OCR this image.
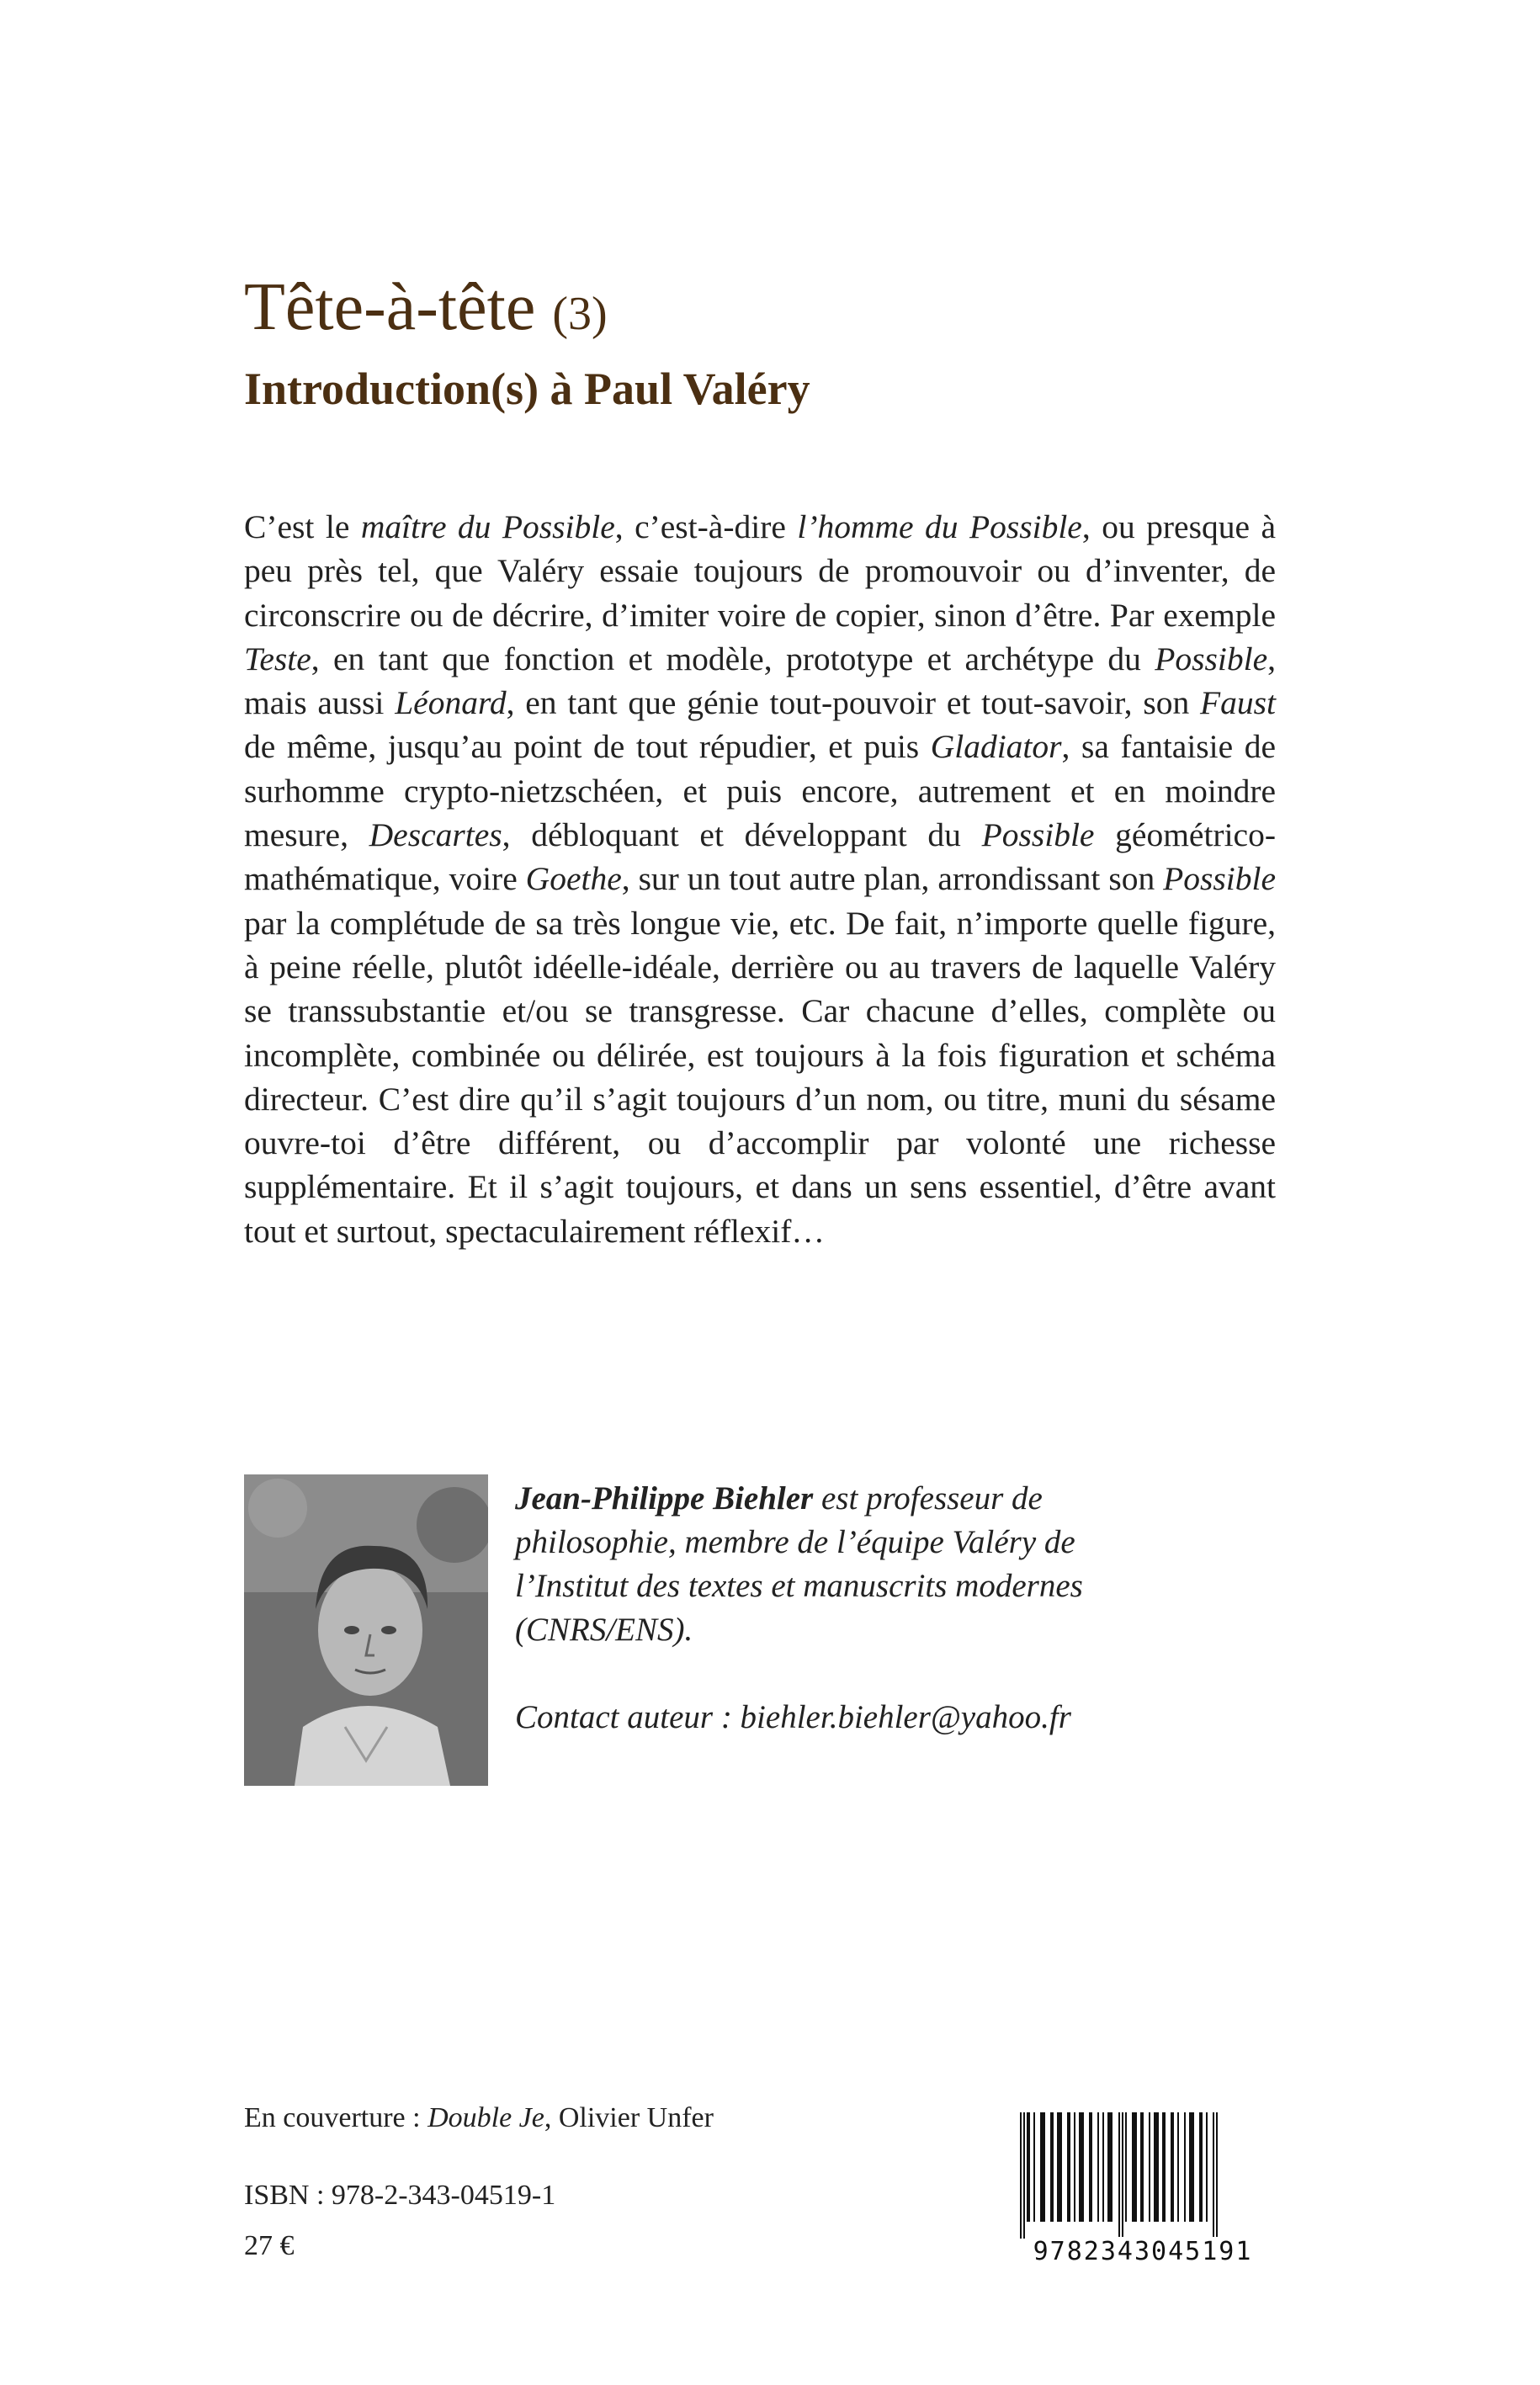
Tête-à-tête (3)
Introduction(s) à Paul Valéry

C’est le maître du Possible, c’est-à-dire l’homme du Possible, ou presque à peu près tel, que Valéry essaie toujours de promouvoir ou d’inventer, de circonscrire ou de décrire, d’imiter voire de copier, sinon d’être. Par exemple Teste, en tant que fonction et modèle, prototype et archétype du Possible, mais aussi Léonard, en tant que génie tout-pouvoir et tout-savoir, son Faust de même, jusqu’au point de tout répudier, et puis Gladiator, sa fantaisie de surhomme crypto-nietzschéen, et puis encore, autrement et en moindre mesure, Descartes, débloquant et développant du Possible géométrico-mathématique, voire Goethe, sur un tout autre plan, arrondissant son Possible par la complétude de sa très longue vie, etc. De fait, n’importe quelle figure, à peine réelle, plutôt idéelle-idéale, derrière ou au travers de laquelle Valéry se transsubstantie et/ou se transgresse. Car chacune d’elles, complète ou incomplète, combinée ou délirée, est toujours à la fois figuration et schéma directeur. C’est dire qu’il s’agit toujours d’un nom, ou titre, muni du sésame ouvre-toi d’être différent, ou d’accomplir par volonté une richesse supplémentaire. Et il s’agit toujours, et dans un sens essentiel, d’être avant tout et surtout, spectaculairement réflexif…

Jean-Philippe Biehler est professeur de philosophie, membre de l’équipe Valéry de l’Institut des textes et manuscrits modernes (CNRS/ENS).

Contact auteur : biehler.biehler@yahoo.fr

En couverture : Double Je, Olivier Unfer
ISBN : 978-2-343-04519-1
27 €	9782343045191
